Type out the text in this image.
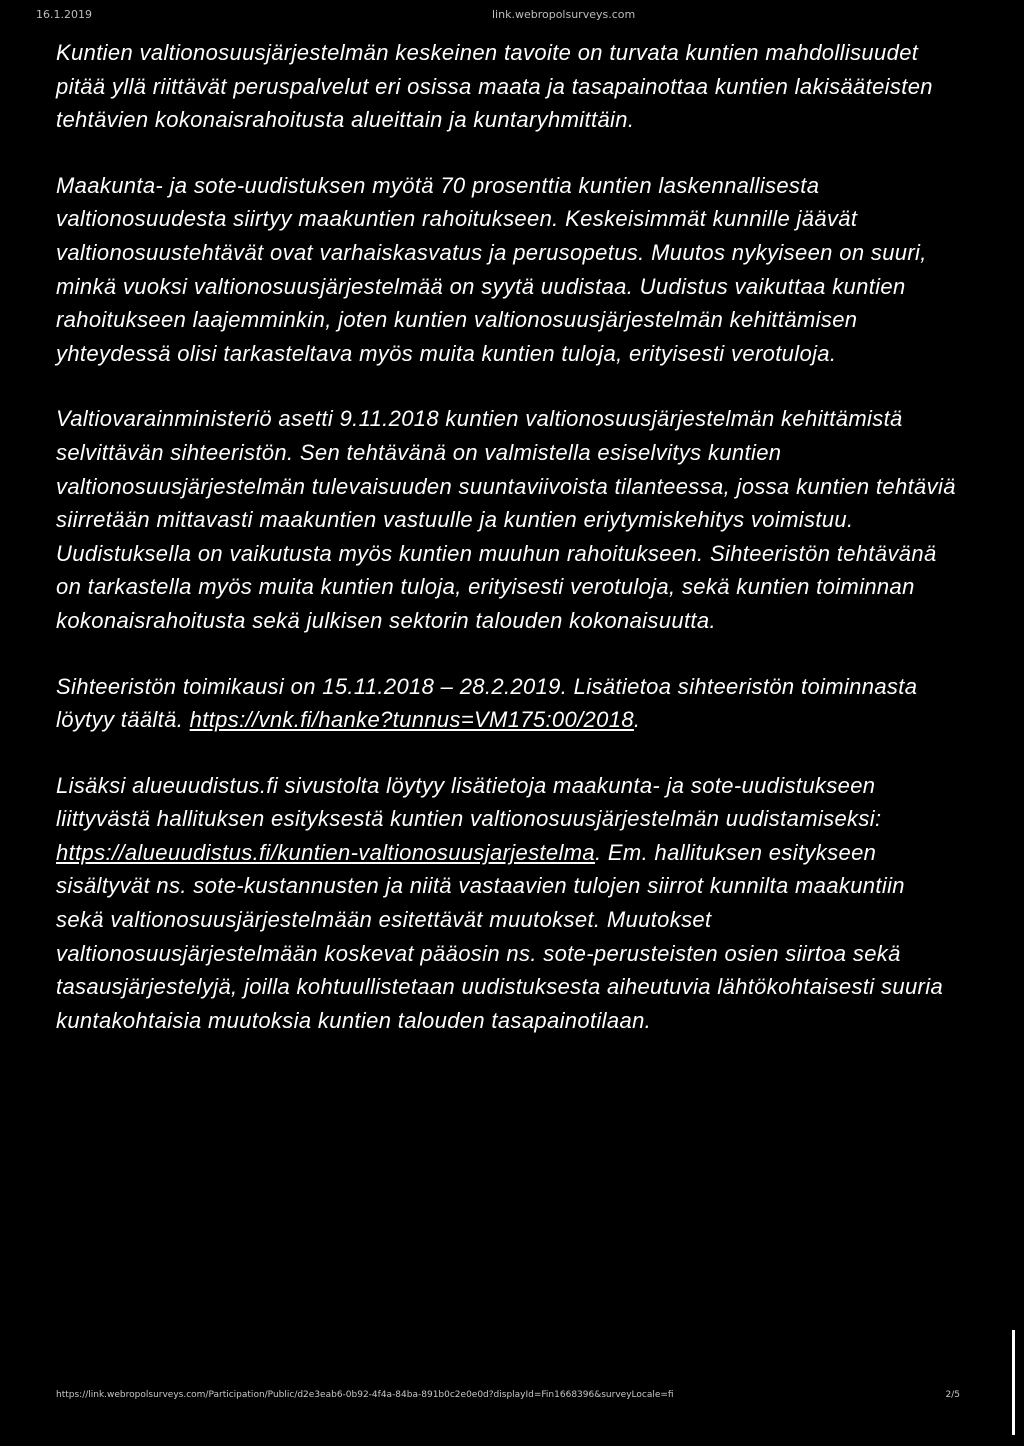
16.1.2019	link.webropolsurveys.com

Kuntien valtionosuusjärjestelmän keskeinen tavoite on turvata kuntien mahdollisuudet pitää yllä riittävät peruspalvelut eri osissa maata ja tasapainottaa kuntien lakisääteisten tehtävien kokonaisrahoitusta alueittain ja kuntaryhmittäin.

Maakunta- ja sote-uudistuksen myötä 70 prosenttia kuntien laskennallisesta valtionosuudesta siirtyy maakuntien rahoitukseen. Keskeisimmät kunnille jäävät valtionosuustehtävät ovat varhaiskasvatus ja perusopetus. Muutos nykyiseen on suuri, minkä vuoksi valtionosuusjärjestelmää on syytä uudistaa. Uudistus vaikuttaa kuntien rahoitukseen laajemminkin, joten kuntien valtionosuusjärjestelmän kehittämisen yhteydessä olisi tarkasteltava myös muita kuntien tuloja, erityisesti verotuloja.

Valtiovarainministeriö asetti 9.11.2018 kuntien valtionosuusjärjestelmän kehittämistä selvittävän sihteeristön. Sen tehtävänä on valmistella esiselvitys kuntien valtionosuusjärjestelmän tulevaisuuden suuntaviivoista tilanteessa, jossa kuntien tehtäviä siirretään mittavasti maakuntien vastuulle ja kuntien eriytymiskehitys voimistuu. Uudistuksella on vaikutusta myös kuntien muuhun rahoitukseen. Sihteeristön tehtävänä on tarkastella myös muita kuntien tuloja, erityisesti verotuloja, sekä kuntien toiminnan kokonaisrahoitusta sekä julkisen sektorin talouden kokonaisuutta.

Sihteeristön toimikausi on 15.11.2018 – 28.2.2019. Lisätietoa sihteeristön toiminnasta löytyy täältä. https://vnk.fi/hanke?tunnus=VM175:00/2018.

Lisäksi alueuudistus.fi sivustolta löytyy lisätietoja maakunta- ja sote-uudistukseen liittyvästä hallituksen esityksestä kuntien valtionosuusjärjestelmän uudistamiseksi: https://alueuudistus.fi/kuntien-valtionosuusjarjestelma. Em. hallituksen esitykseen sisältyvät ns. sote-kustannusten ja niitä vastaavien tulojen siirrot kunnilta maakuntiin sekä valtionosuusjärjestelmään esitettävät muutokset. Muutokset valtionosuusjärjestelmään koskevat pääosin ns. sote-perusteisten osien siirtoa sekä tasausjärjestelyjä, joilla kohtuullistetaan uudistuksesta aiheutuvia lähtökohtaisesti suuria kuntakohtaisia muutoksia kuntien talouden tasapainotilaan.

https://link.webropolsurveys.com/Participation/Public/d2e3eab6-0b92-4f4a-84ba-891b0c2e0e0d?displayId=Fin1668396&surveyLocale=fi	2/5
